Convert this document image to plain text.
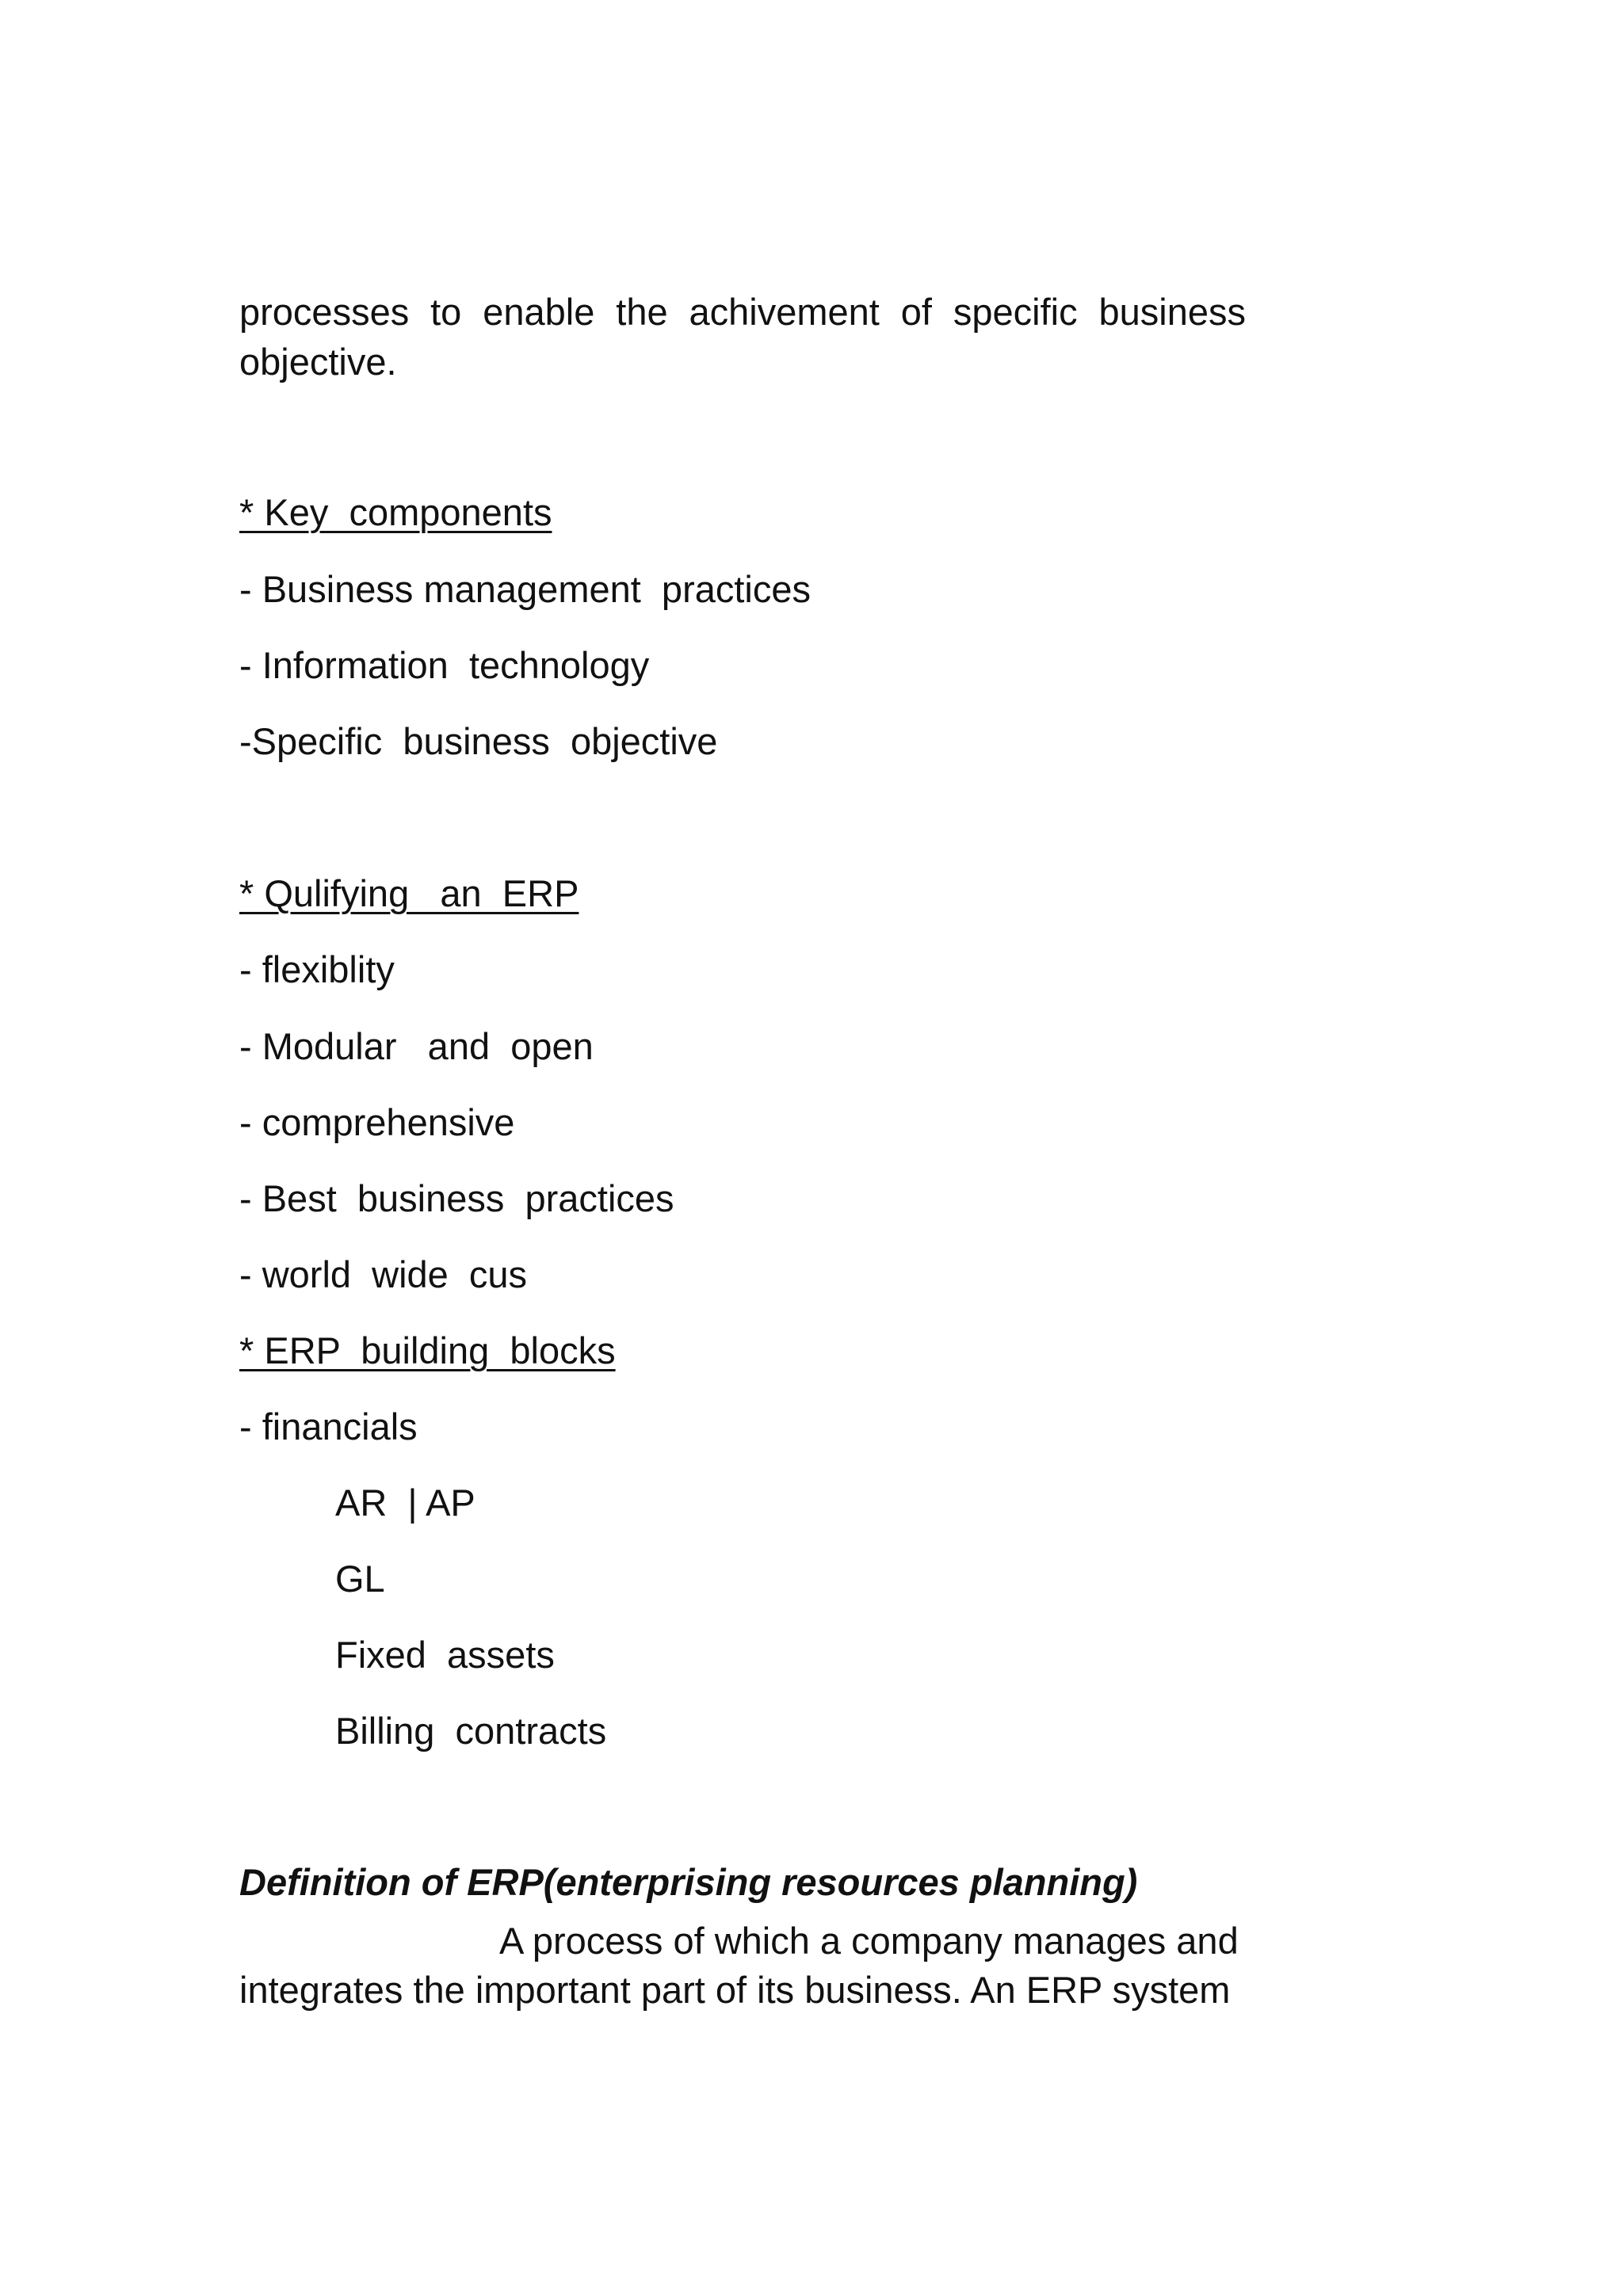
processes to enable the achivement of specific business
objective.
* Key  components
- Business management  practices
- Information  technology
-Specific  business  objective
* Qulifying   an  ERP
- flexiblity
- Modular   and  open
- comprehensive
- Best  business  practices
- world  wide  cus
* ERP  building  blocks
- financials
AR  | AP
GL
Fixed  assets
Billing  contracts
Definition of ERP(enterprising resources planning)
A process of which a company manages and
integrates the important part of its business. An ERP system
